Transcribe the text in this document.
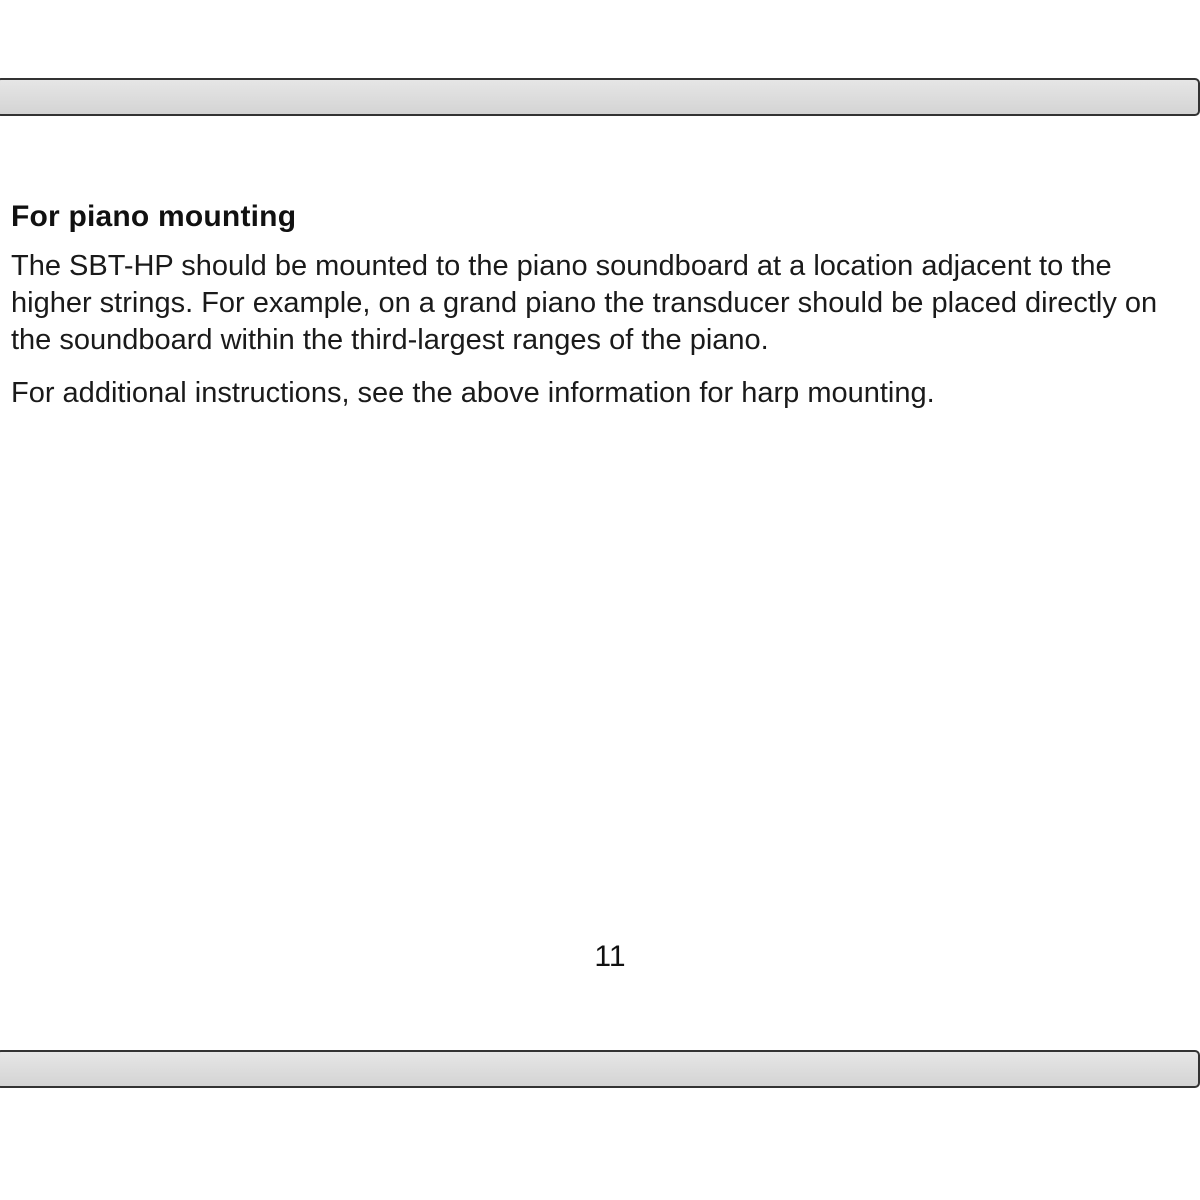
For piano mounting

The SBT-HP should be mounted to the piano soundboard at a location adjacent to the higher strings. For example, on a grand piano the transducer should be placed directly on the soundboard within the third-largest ranges of the piano.

For additional instructions, see the above information for harp mounting.

11
